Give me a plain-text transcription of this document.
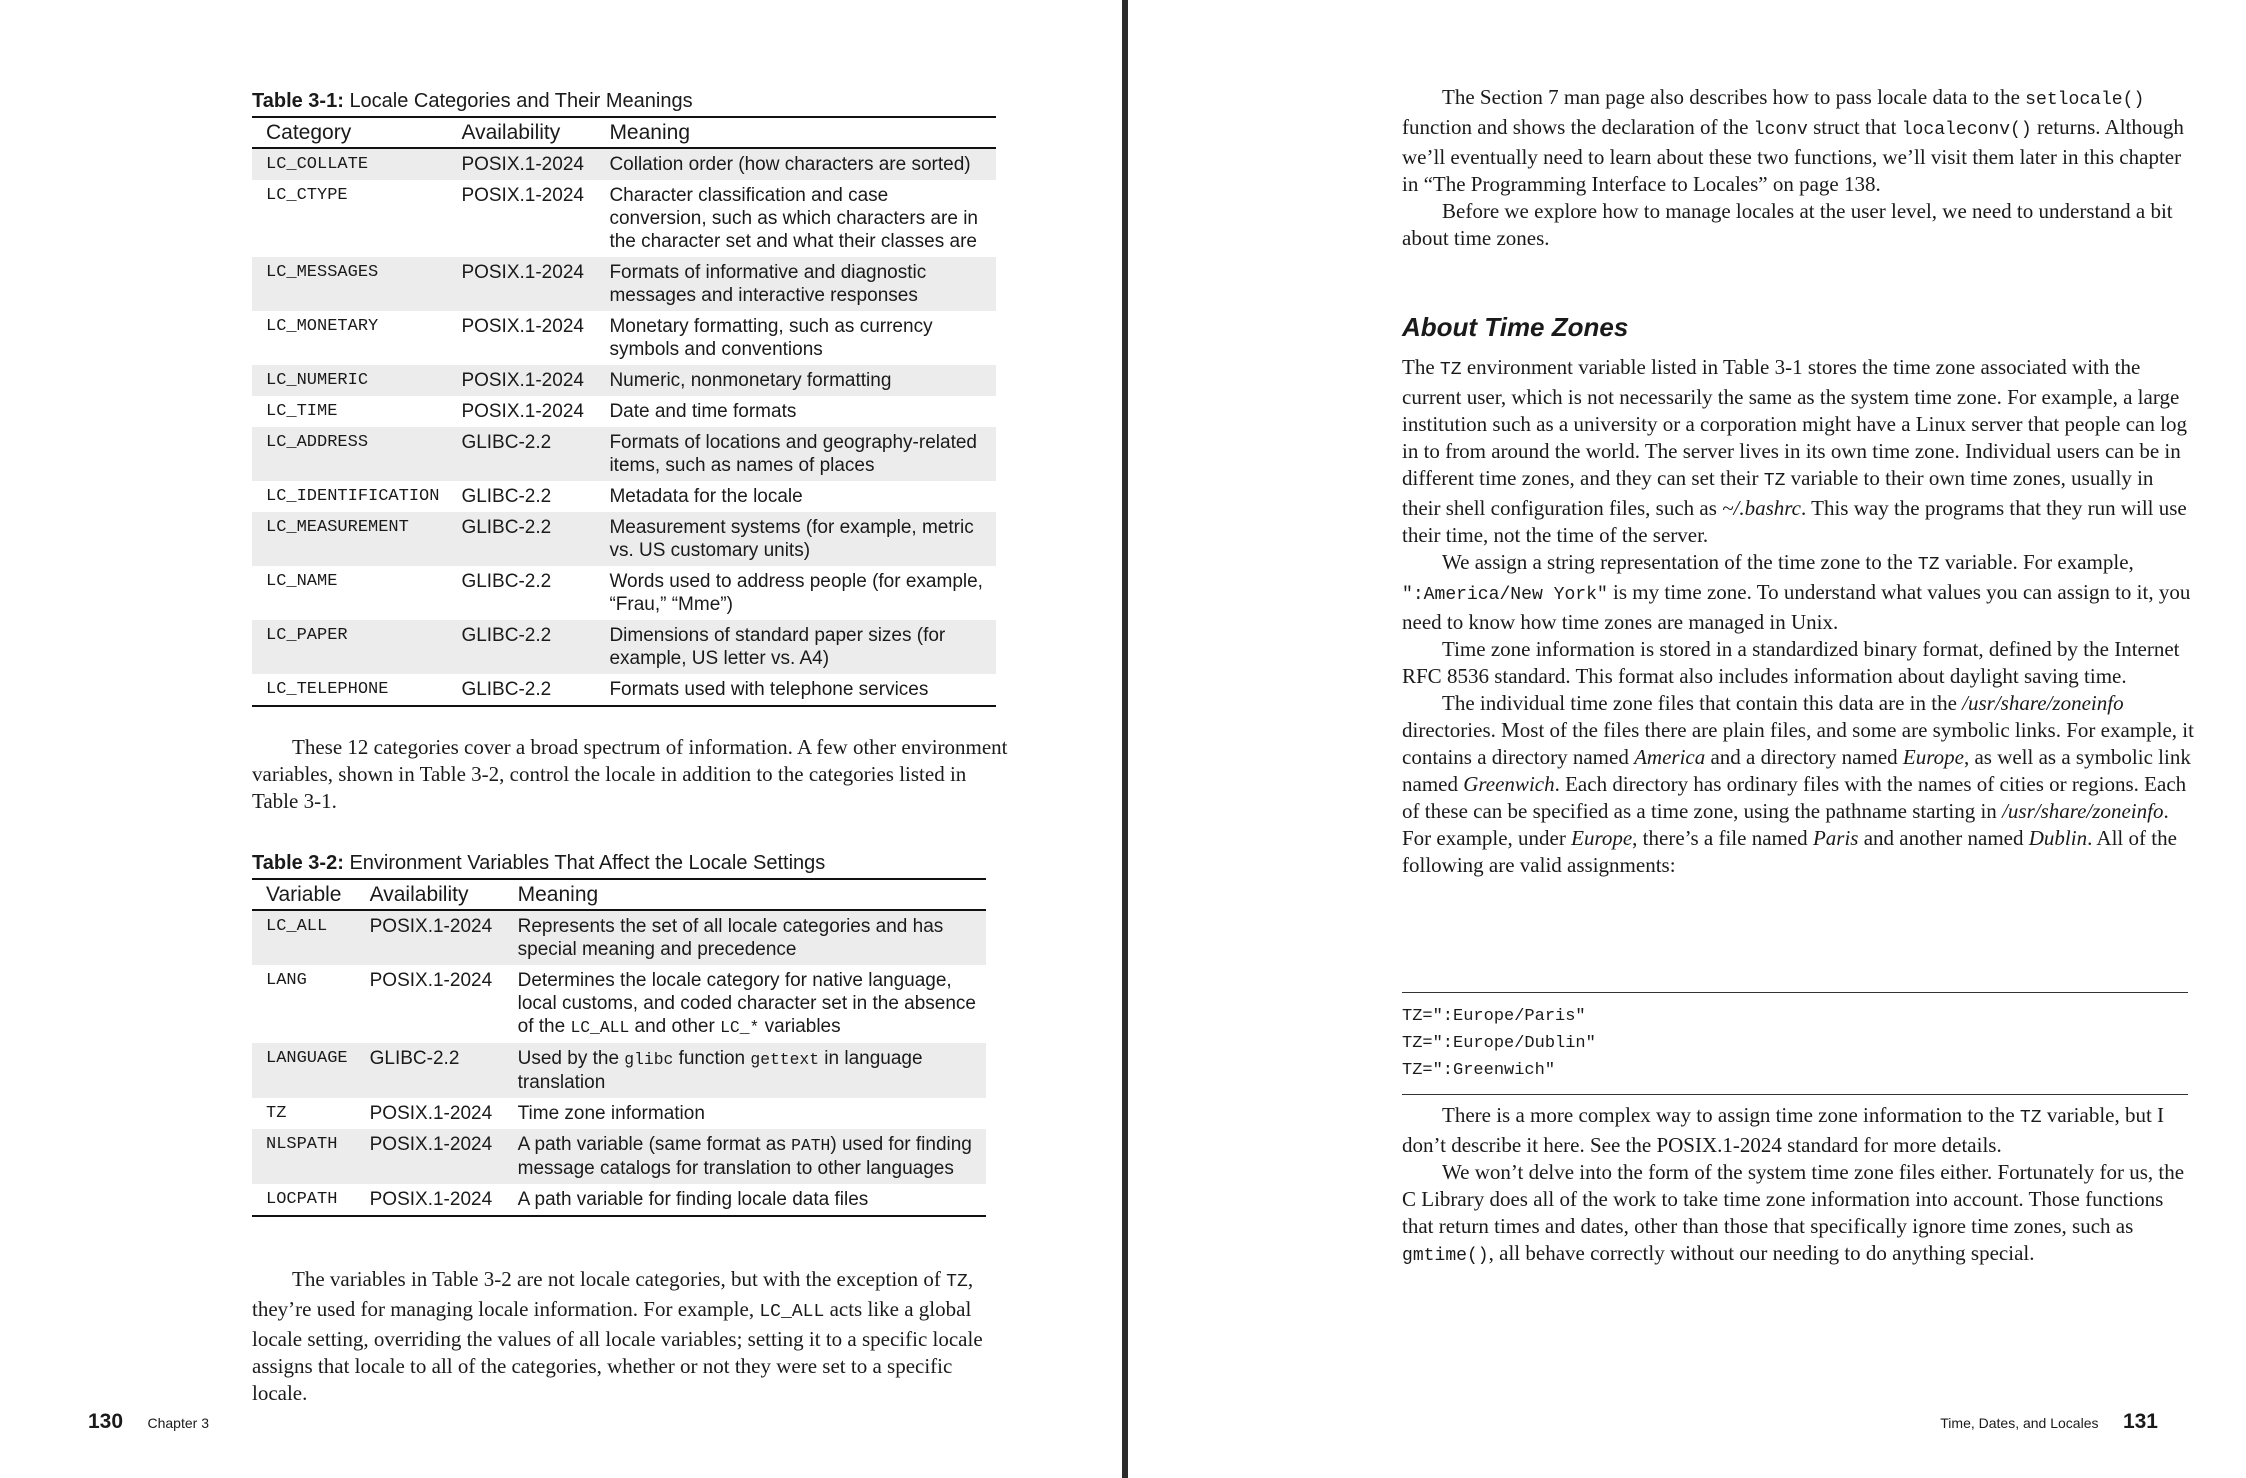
Table 3-1: Locale Categories and Their Meanings
Category	Availability	Meaning
LC_COLLATE	POSIX.1-2024	Collation order (how characters are sorted)
LC_CTYPE	POSIX.1-2024	Character classification and case conversion, such as which characters are in the character set and what their classes are
LC_MESSAGES	POSIX.1-2024	Formats of informative and diagnostic messages and interactive responses
LC_MONETARY	POSIX.1-2024	Monetary formatting, such as currency symbols and conventions
LC_NUMERIC	POSIX.1-2024	Numeric, nonmonetary formatting
LC_TIME	POSIX.1-2024	Date and time formats
LC_ADDRESS	GLIBC-2.2	Formats of locations and geography-related items, such as names of places
LC_IDENTIFICATION	GLIBC-2.2	Metadata for the locale
LC_MEASUREMENT	GLIBC-2.2	Measurement systems (for example, metric vs. US customary units)
LC_NAME	GLIBC-2.2	Words used to address people (for example, “Frau,” “Mme”)
LC_PAPER	GLIBC-2.2	Dimensions of standard paper sizes (for example, US letter vs. A4)
LC_TELEPHONE	GLIBC-2.2	Formats used with telephone services

These 12 categories cover a broad spectrum of information. A few other environment variables, shown in Table 3-2, control the locale in addition to the categories listed in Table 3-1.

Table 3-2: Environment Variables That Affect the Locale Settings
Variable	Availability	Meaning
LC_ALL	POSIX.1-2024	Represents the set of all locale categories and has special meaning and precedence
LANG	POSIX.1-2024	Determines the locale category for native language, local customs, and coded character set in the absence of the LC_ALL and other LC_* variables
LANGUAGE	GLIBC-2.2	Used by the glibc function gettext in language translation
TZ	POSIX.1-2024	Time zone information
NLSPATH	POSIX.1-2024	A path variable (same format as PATH) used for finding message catalogs for translation to other languages
LOCPATH	POSIX.1-2024	A path variable for finding locale data files

The variables in Table 3-2 are not locale categories, but with the exception of TZ, they’re used for managing locale information. For example, LC_ALL acts like a global locale setting, overriding the values of all locale variables; setting it to a specific locale assigns that locale to all of the categories, whether or not they were set to a specific locale.

130 Chapter 3

The Section 7 man page also describes how to pass locale data to the setlocale() function and shows the declaration of the lconv struct that localeconv() returns. Although we’ll eventually need to learn about these two functions, we’ll visit them later in this chapter in “The Programming Interface to Locales” on page 138.

Before we explore how to manage locales at the user level, we need to understand a bit about time zones.

About Time Zones

The TZ environment variable listed in Table 3-1 stores the time zone associated with the current user, which is not necessarily the same as the system time zone. For example, a large institution such as a university or a corporation might have a Linux server that people can log in to from around the world. The server lives in its own time zone. Individual users can be in different time zones, and they can set their TZ variable to their own time zones, usually in their shell configuration files, such as ~/.bashrc. This way the programs that they run will use their time, not the time of the server.

We assign a string representation of the time zone to the TZ variable. For example, ":America/New York" is my time zone. To understand what values you can assign to it, you need to know how time zones are managed in Unix.

Time zone information is stored in a standardized binary format, defined by the Internet RFC 8536 standard. This format also includes information about daylight saving time.

The individual time zone files that contain this data are in the /usr/share/zoneinfo directories. Most of the files there are plain files, and some are symbolic links. For example, it contains a directory named America and a directory named Europe, as well as a symbolic link named Greenwich. Each directory has ordinary files with the names of cities or regions. Each of these can be specified as a time zone, using the pathname starting in /usr/share/zoneinfo. For example, under Europe, there’s a file named Paris and another named Dublin. All of the following are valid assignments:

TZ=":Europe/Paris"
TZ=":Europe/Dublin"
TZ=":Greenwich"

There is a more complex way to assign time zone information to the TZ variable, but I don’t describe it here. See the POSIX.1-2024 standard for more details.

We won’t delve into the form of the system time zone files either. Fortunately for us, the C Library does all of the work to take time zone information into account. Those functions that return times and dates, other than those that specifically ignore time zones, such as gmtime(), all behave correctly without our needing to do anything special.

Time, Dates, and Locales 131
